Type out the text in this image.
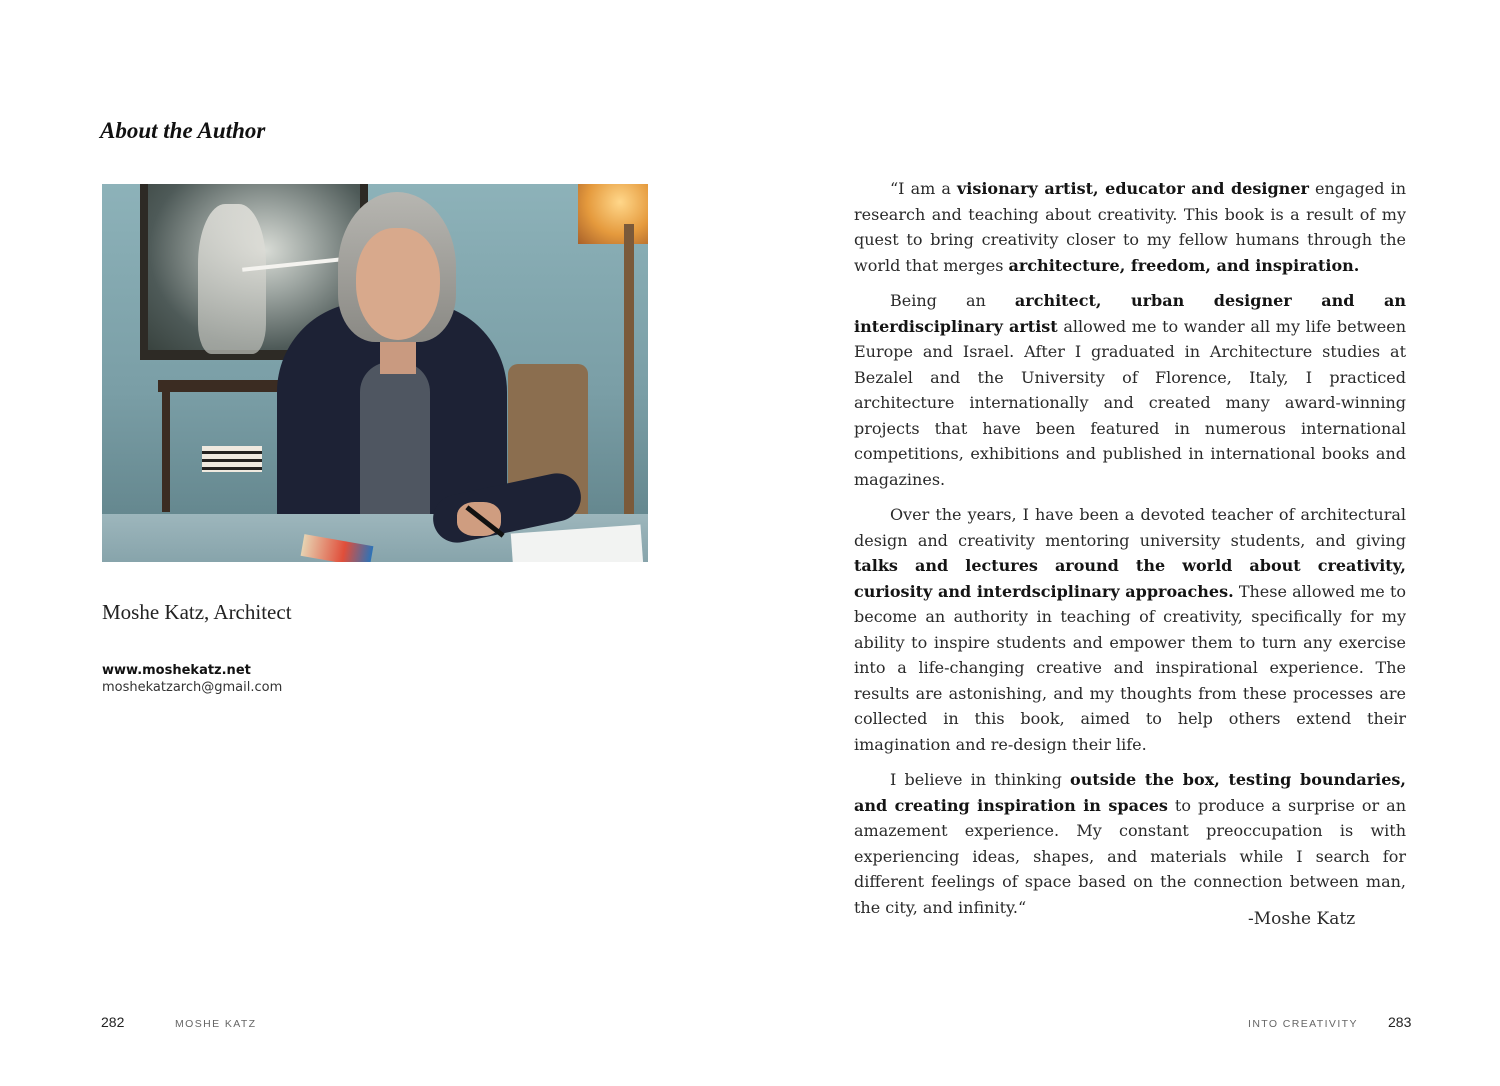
About the Author

Moshe Katz, Architect

www.moshekatz.net
moshekatzarch@gmail.com
282	MOSHE KATZ

“I am a visionary artist, educator and designer engaged in research and teaching about creativity. This book is a result of my quest to bring creativity closer to my fellow humans through the world that merges architecture, freedom, and inspiration.

Being an architect, urban designer and an interdisciplinary artist allowed me to wander all my life between Europe and Israel. After I graduated in Architecture studies at Bezalel and the University of Florence, Italy, I practiced architecture internationally and created many award-winning projects that have been featured in numerous international competitions, exhibitions and published in international books and magazines.

Over the years, I have been a devoted teacher of architectural design and creativity mentoring university students, and giving talks and lectures around the world about creativity, curiosity and interdsciplinary approaches. These allowed me to become an authority in teaching of creativity, specifically for my ability to inspire students and empower them to turn any exercise into a life-changing creative and inspirational experience. The results are astonishing, and my thoughts from these processes are collected in this book, aimed to help others extend their imagination and re-design their life.

I believe in thinking outside the box, testing boundaries, and creating inspiration in spaces to produce a surprise or an amazement experience. My constant preoccupation is with experiencing ideas, shapes, and materials while I search for different feelings of space based on the connection between man, the city, and infinity.“

-Moshe Katz
INTO CREATIVITY 283
